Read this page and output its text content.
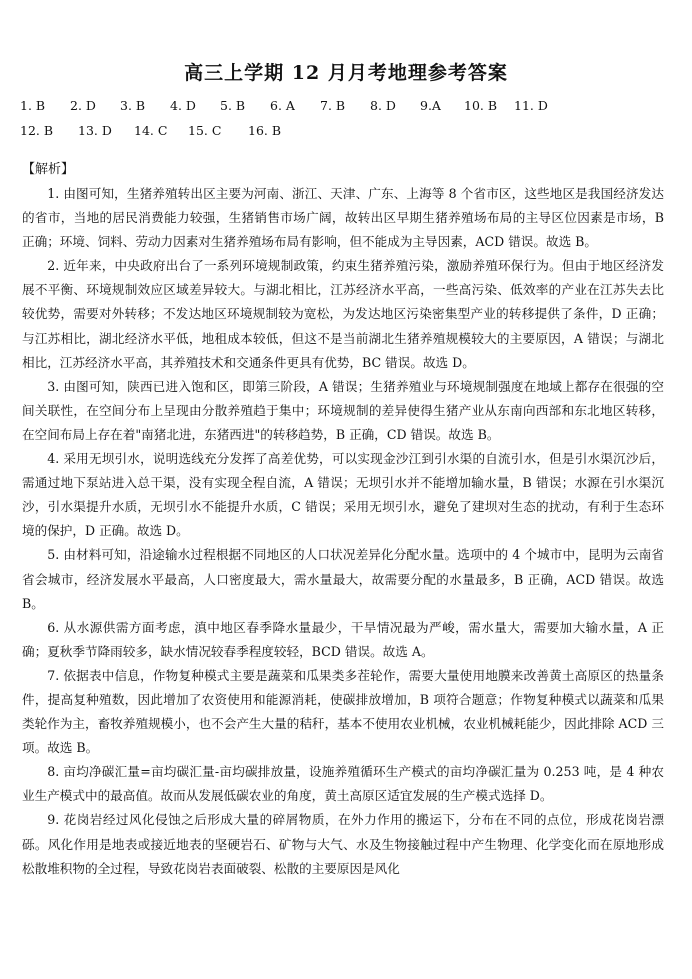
高三上学期 12 月月考地理参考答案
1. B	2. D	3. B	4. D	5. B	6. A	7. B	8. D	9.A	10. B	11. D
12. B	13. D	14. C	15. C	16. B
【解析】

1. 由图可知，生猪养殖转出区主要为河南、浙江、天津、广东、上海等 8 个省市区，这些地区是我国经济发达的省市，当地的居民消费能力较强，生猪销售市场广阔，故转出区早期生猪养殖场布局的主导区位因素是市场，B 正确；环境、饲料、劳动力因素对生猪养殖场布局有影响，但不能成为主导因素，ACD 错误。故选 B。

2. 近年来，中央政府出台了一系列环境规制政策，约束生猪养殖污染，激励养殖环保行为。但由于地区经济发展不平衡、环境规制效应区域差异较大。与湖北相比，江苏经济水平高，一些高污染、低效率的产业在江苏失去比较优势，需要对外转移；不发达地区环境规制较为宽松，为发达地区污染密集型产业的转移提供了条件，D 正确；与江苏相比，湖北经济水平低，地租成本较低，但这不是当前湖北生猪养殖规模较大的主要原因，A 错误；与湖北相比，江苏经济水平高，其养殖技术和交通条件更具有优势，BC 错误。故选 D。

3. 由图可知，陕西已进入饱和区，即第三阶段，A 错误；生猪养殖业与环境规制强度在地域上都存在很强的空间关联性，在空间分布上呈现由分散养殖趋于集中；环境规制的差异使得生猪产业从东南向西部和东北地区转移，在空间布局上存在着"南猪北进，东猪西进"的转移趋势，B 正确，CD 错误。故选 B。

4. 采用无坝引水，说明选线充分发挥了高差优势，可以实现金沙江到引水渠的自流引水，但是引水渠沉沙后，需通过地下泵站进入总干渠，没有实现全程自流，A 错误；无坝引水并不能增加输水量，B 错误；水源在引水渠沉沙，引水渠提升水质，无坝引水不能提升水质，C 错误；采用无坝引水，避免了建坝对生态的扰动，有利于生态环境的保护，D 正确。故选 D。

5. 由材料可知，沿途输水过程根据不同地区的人口状况差异化分配水量。选项中的 4 个城市中，昆明为云南省省会城市，经济发展水平最高，人口密度最大，需水量最大，故需要分配的水量最多，B 正确，ACD 错误。故选 B。

6. 从水源供需方面考虑，滇中地区春季降水量最少，干旱情况最为严峻，需水量大，需要加大输水量，A 正确；夏秋季节降雨较多，缺水情况较春季程度较轻，BCD 错误。故选 A。

7. 依据表中信息，作物复种模式主要是蔬菜和瓜果类多茬轮作，需要大量使用地膜来改善黄土高原区的热量条件，提高复种殖数，因此增加了农资使用和能源消耗，使碳排放增加，B 项符合题意；作物复种模式以蔬菜和瓜果类轮作为主，畜牧养殖规模小，也不会产生大量的秸秆，基本不使用农业机械，农业机械耗能少，因此排除 ACD 三项。故选 B。

8. 亩均净碳汇量=亩均碳汇量-亩均碳排放量，设施养殖循环生产模式的亩均净碳汇量为 0.253 吨，是 4 种农业生产模式中的最高值。故而从发展低碳农业的角度，黄土高原区适宜发展的生产模式选择 D。

9. 花岗岩经过风化侵蚀之后形成大量的碎屑物质，在外力作用的搬运下，分布在不同的点位，形成花岗岩漂砾。风化作用是地表或接近地表的坚硬岩石、矿物与大气、水及生物接触过程中产生物理、化学变化而在原地形成松散堆积物的全过程，导致花岗岩表面破裂、松散的主要原因是风化
